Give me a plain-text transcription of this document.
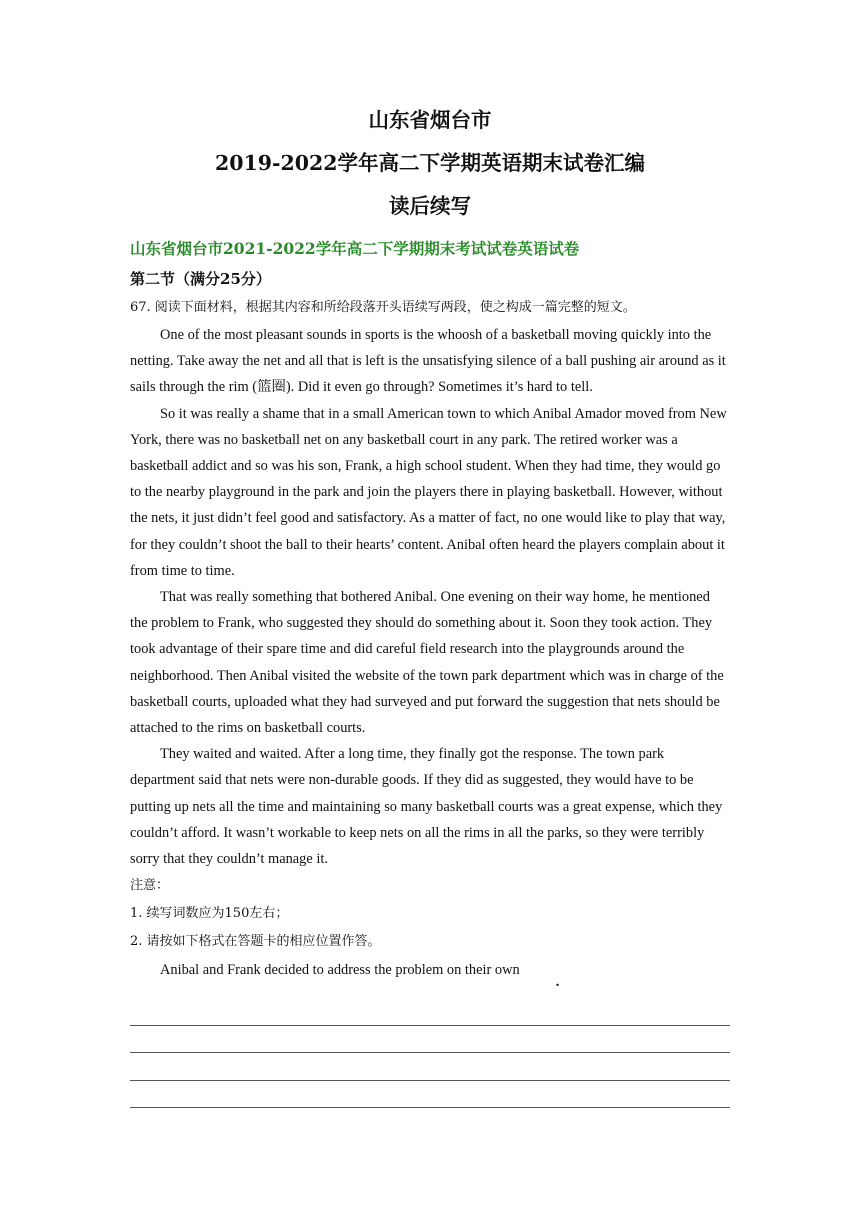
山东省烟台市
2019-2022学年高二下学期英语期末试卷汇编
读后续写
山东省烟台市2021-2022学年高二下学期期末考试试卷英语试卷
第二节（满分25分）
67. 阅读下面材料，根据其内容和所给段落开头语续写两段，使之构成一篇完整的短文。

One of the most pleasant sounds in sports is the whoosh of a basketball moving quickly into the netting. Take away the net and all that is left is the unsatisfying silence of a ball pushing air around as it sails through the rim (篮圈). Did it even go through? Sometimes it’s hard to tell.

So it was really a shame that in a small American town to which Anibal Amador moved from New York, there was no basketball net on any basketball court in any park. The retired worker was a basketball addict and so was his son, Frank, a high school student. When they had time, they would go to the nearby playground in the park and join the players there in playing basketball. However, without the nets, it just didn’t feel good and satisfactory. As a matter of fact, no one would like to play that way, for they couldn’t shoot the ball to their hearts’ content. Anibal often heard the players complain about it from time to time.

That was really something that bothered Anibal. One evening on their way home, he mentioned the problem to Frank, who suggested they should do something about it. Soon they took action. They took advantage of their spare time and did careful field research into the playgrounds around the neighborhood. Then Anibal visited the website of the town park department which was in charge of the basketball courts, uploaded what they had surveyed and put forward the suggestion that nets should be attached to the rims on basketball courts.

They waited and waited. After a long time, they finally got the response. The town park department said that nets were non-durable goods. If they did as suggested, they would have to be putting up nets all the time and maintaining so many basketball courts was a great expense, which they couldn’t afford. It wasn’t workable to keep nets on all the rims in all the parks, so they were terribly sorry that they couldn’t manage it.

注意：
1. 续写词数应为150左右；
2. 请按如下格式在答题卡的相应位置作答。
Anibal and Frank decided to address the problem on their own.
